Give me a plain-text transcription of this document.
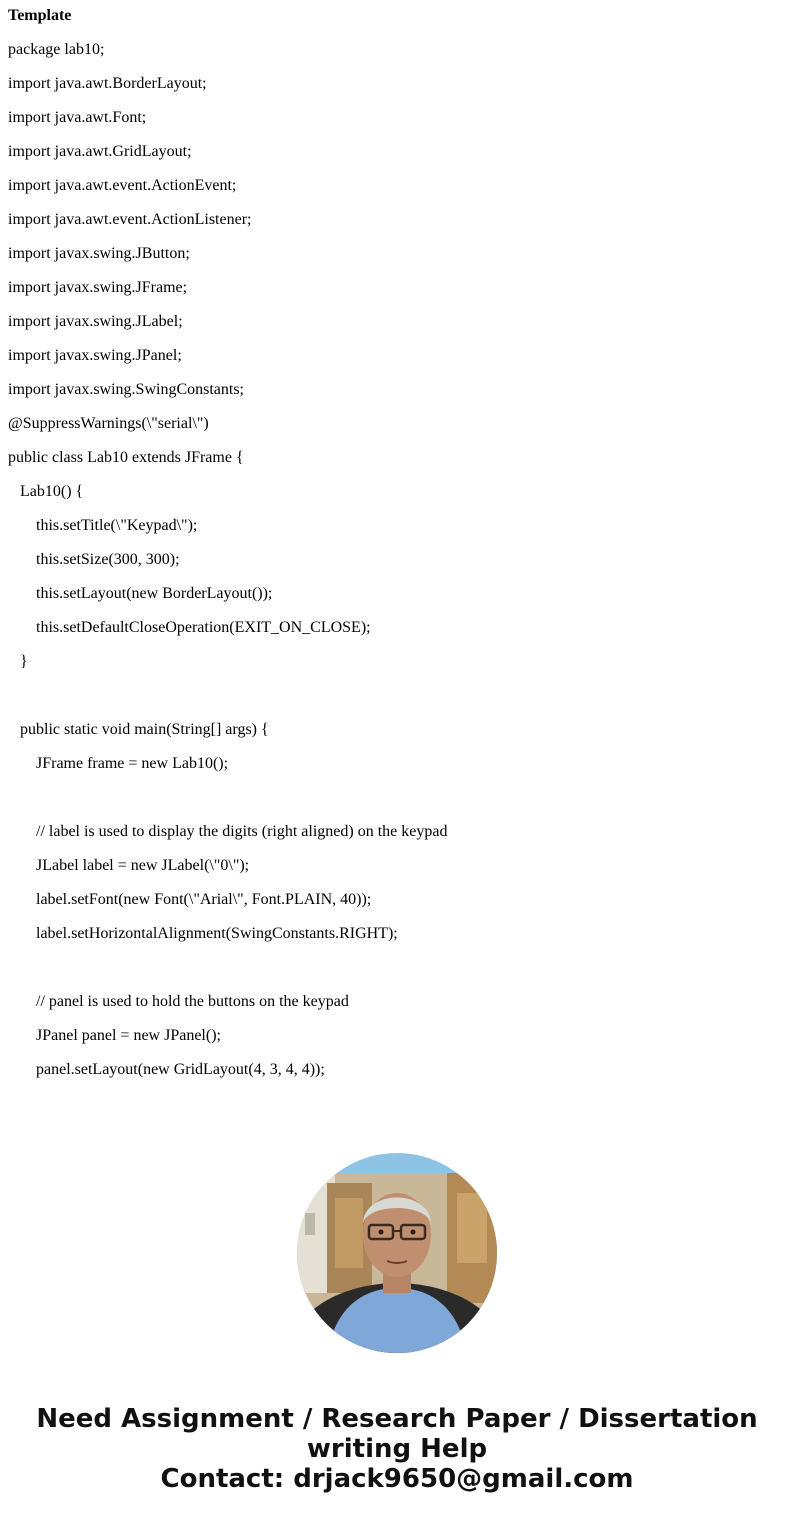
Template
package lab10;
import java.awt.BorderLayout;
import java.awt.Font;
import java.awt.GridLayout;
import java.awt.event.ActionEvent;
import java.awt.event.ActionListener;
import javax.swing.JButton;
import javax.swing.JFrame;
import javax.swing.JLabel;
import javax.swing.JPanel;
import javax.swing.SwingConstants;
@SuppressWarnings(\"serial\")
public class Lab10 extends JFrame {
Lab10() {
this.setTitle(\"Keypad\");
this.setSize(300, 300);
this.setLayout(new BorderLayout());
this.setDefaultCloseOperation(EXIT_ON_CLOSE);
}
public static void main(String[] args) {
JFrame frame = new Lab10();
// label is used to display the digits (right aligned) on the keypad
JLabel label = new JLabel(\"0\");
label.setFont(new Font(\"Arial\", Font.PLAIN, 40));
label.setHorizontalAlignment(SwingConstants.RIGHT);
// panel is used to hold the buttons on the keypad
JPanel panel = new JPanel();
panel.setLayout(new GridLayout(4, 3, 4, 4));
Need Assignment / Research Paper / Dissertation
writing Help
Contact: drjack9650@gmail.com
